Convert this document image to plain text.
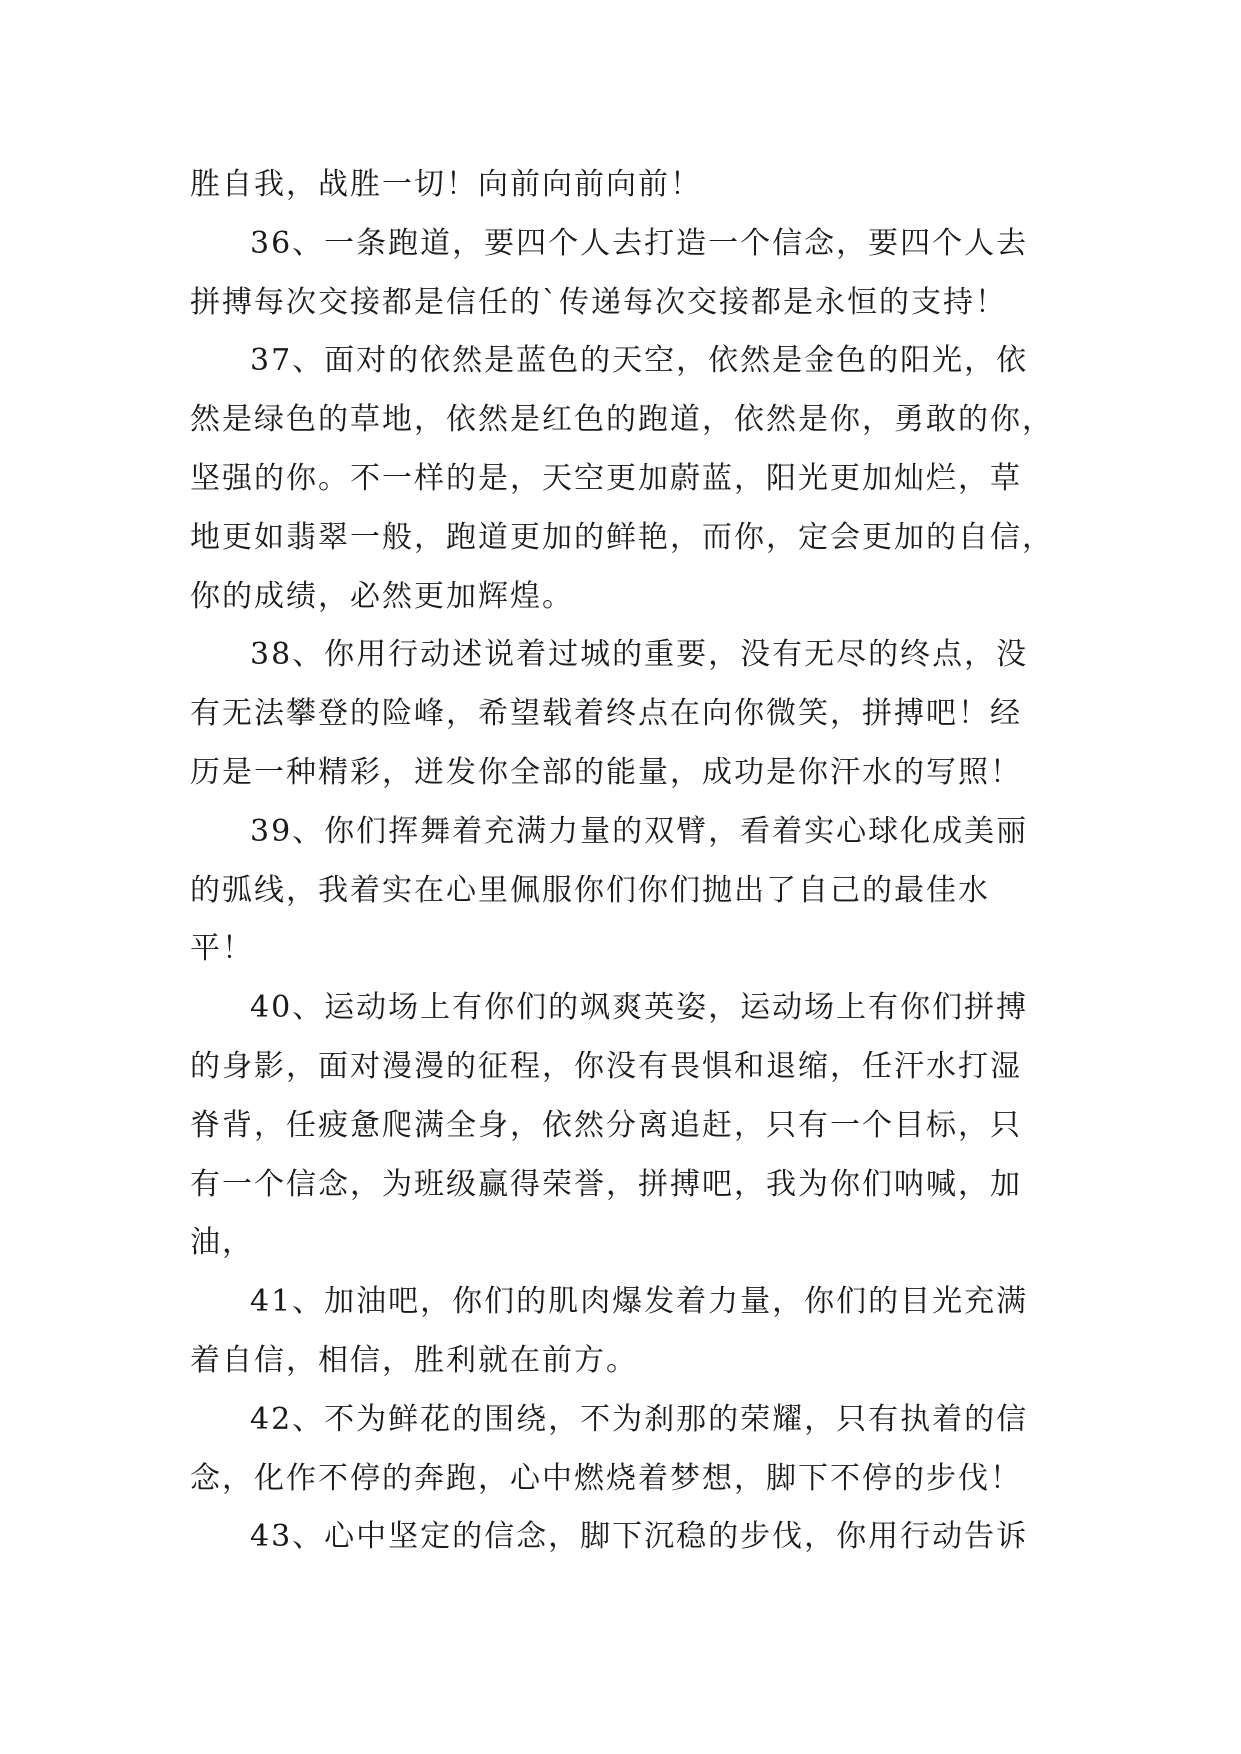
胜自我，战胜一切！向前向前向前！
36、一条跑道，要四个人去打造一个信念，要四个人去
拼搏每次交接都是信任的`传递每次交接都是永恒的支持！
37、面对的依然是蓝色的天空，依然是金色的阳光，依
然是绿色的草地，依然是红色的跑道，依然是你，勇敢的你，
坚强的你。不一样的是，天空更加蔚蓝，阳光更加灿烂，草
地更如翡翠一般，跑道更加的鲜艳，而你，定会更加的自信，
你的成绩，必然更加辉煌。
38、你用行动述说着过城的重要，没有无尽的终点，没
有无法攀登的险峰，希望载着终点在向你微笑，拼搏吧！经
历是一种精彩，迸发你全部的能量，成功是你汗水的写照！
39、你们挥舞着充满力量的双臂，看着实心球化成美丽
的弧线，我着实在心里佩服你们你们抛出了自己的最佳水
平！
40、运动场上有你们的飒爽英姿，运动场上有你们拼搏
的身影，面对漫漫的征程，你没有畏惧和退缩，任汗水打湿
脊背，任疲惫爬满全身，依然分离追赶，只有一个目标，只
有一个信念，为班级赢得荣誉，拼搏吧，我为你们呐喊，加
油，
41、加油吧，你们的肌肉爆发着力量，你们的目光充满
着自信，相信，胜利就在前方。
42、不为鲜花的围绕，不为刹那的荣耀，只有执着的信
念，化作不停的奔跑，心中燃烧着梦想，脚下不停的步伐！
43、心中坚定的信念，脚下沉稳的步伐，你用行动告诉
